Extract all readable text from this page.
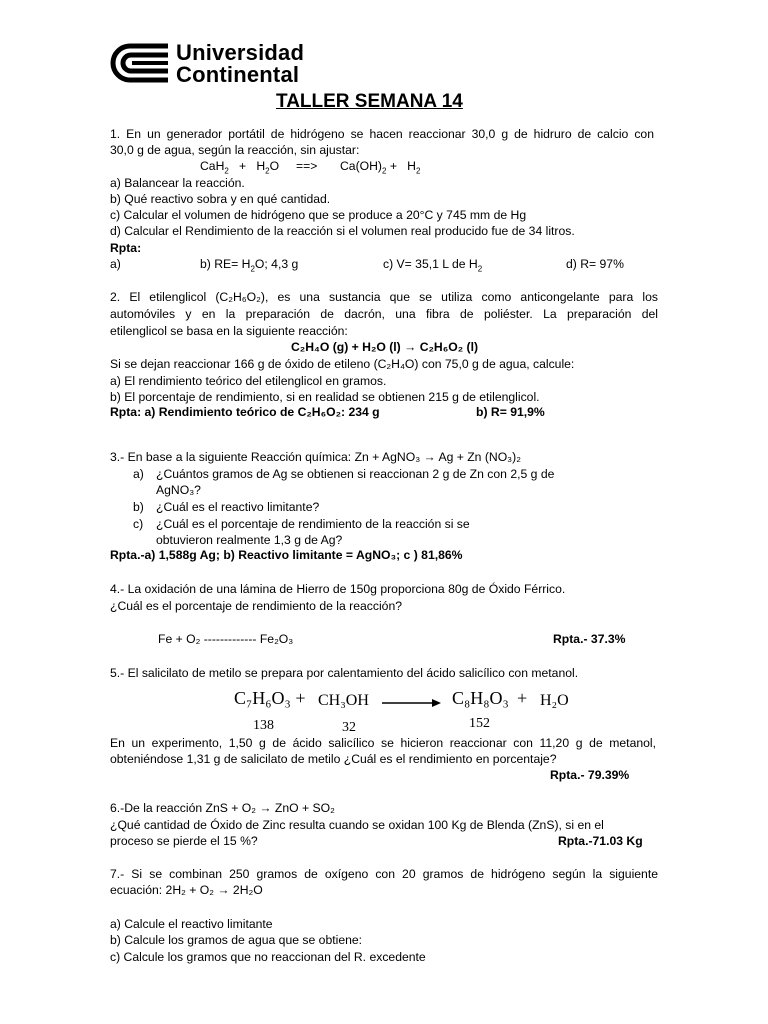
Universidad
Continental
TALLER SEMANA 14
1. En un generador portátil de hidrógeno se hacen reaccionar 30,0 g de hidruro de calcio con
30,0 g de agua, según la reacción, sin ajustar:
$CaH_2 + H_2O$ ==> $Ca(OH)_2 + H_2$
a) Balancear la reacción.
b) Qué reactivo sobra y en qué cantidad.
c) Calcular el volumen de hidrógeno que se produce a 20°C y 745 mm de Hg
d) Calcular el Rendimiento de la reacción si el volumen real producido fue de 34 litros.
Rpta:
a)	b) $RE= H_2O$; 4,3 g	c) V= 35,1 L de $H_2$	d) R= 97%
2. El etilenglicol (C₂H₆O₂), es una sustancia que se utiliza como anticongelante para los
automóviles y en la preparación de dacrón, una fibra de poliéster. La preparación del
etilenglicol se basa en la siguiente reacción:
C₂H₄O (g) + H₂O (l) → C₂H₆O₂ (l)
Si se dejan reaccionar 166 g de óxido de etileno (C₂H₄O) con 75,0 g de agua, calcule:
a) El rendimiento teórico del etilenglicol en gramos.
b) El porcentaje de rendimiento, si en realidad se obtienen 215 g de etilenglicol.
Rpta: a) Rendimiento teórico de C₂H₆O₂: 234 g	b) R= 91,9%
3.- En base a la siguiente Reacción química: Zn + AgNO₃ → Ag + Zn (NO₃)₂
a) ¿Cuántos gramos de Ag se obtienen si reaccionan 2 g de Zn con 2,5 g de
AgNO₃?
b) ¿Cuál es el reactivo limitante?
c) ¿Cuál es el porcentaje de rendimiento de la reacción si se
obtuvieron realmente 1,3 g de Ag?
Rpta.-a) 1,588g Ag; b) Reactivo limitante = AgNO₃; c ) 81,86%
4.- La oxidación de una lámina de Hierro de 150g proporciona 80g de Óxido Férrico.
¿Cuál es el porcentaje de rendimiento de la reacción?
Fe + O₂ ------------- Fe₂O₃	Rpta.- 37.3%
5.- El salicilato de metilo se prepara por calentamiento del ácido salicílico con metanol.
C₇H₆O₃ + CH₃OH	C₈H₈O₃ + H₂O
138	32	152
En un experimento, 1,50 g de ácido salicílico se hicieron reaccionar con 11,20 g de metanol,
obteniéndose 1,31 g de salicilato de metilo ¿Cuál es el rendimiento en porcentaje?
Rpta.- 79.39%
6.-De la reacción ZnS + O₂ → ZnO + SO₂
¿Qué cantidad de Óxido de Zinc resulta cuando se oxidan 100 Kg de Blenda (ZnS), si en el
proceso se pierde el 15 %?	Rpta.-71.03 Kg
7.- Si se combinan 250 gramos de oxígeno con 20 gramos de hidrógeno según la siguiente
ecuación: 2H₂ + O₂ → 2H₂O
a) Calcule el reactivo limitante
b) Calcule los gramos de agua que se obtiene:
c) Calcule los gramos que no reaccionan del R. excedente
